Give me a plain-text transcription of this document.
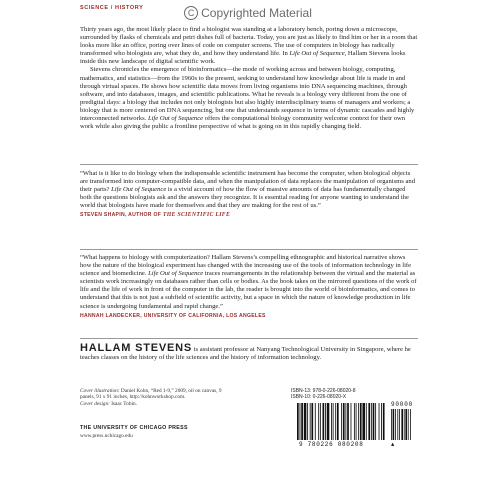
SCIENCE / HISTORY	C Copyrighted Material

Thirty years ago, the most likely place to find a biologist was standing at a laboratory bench, poring down a microscope, surrounded by flasks of chemicals and petri dishes full of bacteria. Today, you are just as likely to find him or her in a room that looks more like an office, poring over lines of code on computer screens. The use of computers in biology has radically transformed who biologists are, what they do, and how they understand life. In Life Out of Sequence, Hallam Stevens looks inside this new landscape of digital scientific work.

Stevens chronicles the emergence of bioinformatics—the mode of working across and between biology, computing, mathematics, and statistics—from the 1960s to the present, seeking to understand how knowledge about life is made in and through virtual spaces. He shows how scientific data moves from living organisms into DNA sequencing machines, through software, and into databases, images, and scientific publications. What he reveals is a biology very different from the one of predigital days: a biology that includes not only biologists but also highly interdisciplinary teams of managers and workers; a biology that is more centered on DNA sequencing, but one that understands sequence in terms of dynamic cascades and highly interconnected networks. Life Out of Sequence offers the computational biology community welcome context for their own work while also giving the public a frontline perspective of what is going on in this rapidly changing field.

“What is it like to do biology when the indispensable scientific instrument has become the computer, when biological objects are transformed into computer-compatible data, and when the manipulation of data replaces the manipulation of organisms and their parts? Life Out of Sequence is a vivid account of how the flow of massive amounts of data has fundamentally changed both the questions biologists ask and the answers they recognize. It is essential reading for anyone wanting to understand the world that biologists have made for themselves and that they are making for the rest of us.”

STEVEN SHAPIN, AUTHOR OF THE SCIENTIFIC LIFE

“What happens to biology with computerization? Hallam Stevens’s compelling ethnographic and historical narrative shows how the nature of the biological experiment has changed with the increasing use of the tools of information technology in life science and biomedicine. Life Out of Sequence traces rearrangements in the relationship between the virtual and the material as scientists work increasingly on databases rather than cells or bodies. As the book takes on the mirrored questions of the work of life and the life of work in front of the computer in the lab, the reader is brought into the world of bioinformatics, and comes to understand that this is not just a subfield of scientific activity, but a space in which the nature of knowledge production in life science is undergoing fundamental and rapid change.”

HANNAH LANDECKER, UNIVERSITY OF CALIFORNIA, LOS ANGELES

HALLAM STEVENS is assistant professor at Nanyang Technological University in Singapore, where he teaches classes on the history of the life sciences and the history of information technology.

Cover illustration: Daniel Kohn, “Red 1-9,” 2009, oil on canvas, 9 panels, 91 x 91 inches, http://kohnworkshop.com.

Cover design: Isaac Tobin.

THE UNIVERSITY OF CHICAGO PRESS
www.press.uchicago.edu
ISBN-13: 978-0-226-08020-8
ISBN-10: 0-226-08020-X
9 780226 080208
90000
▲
